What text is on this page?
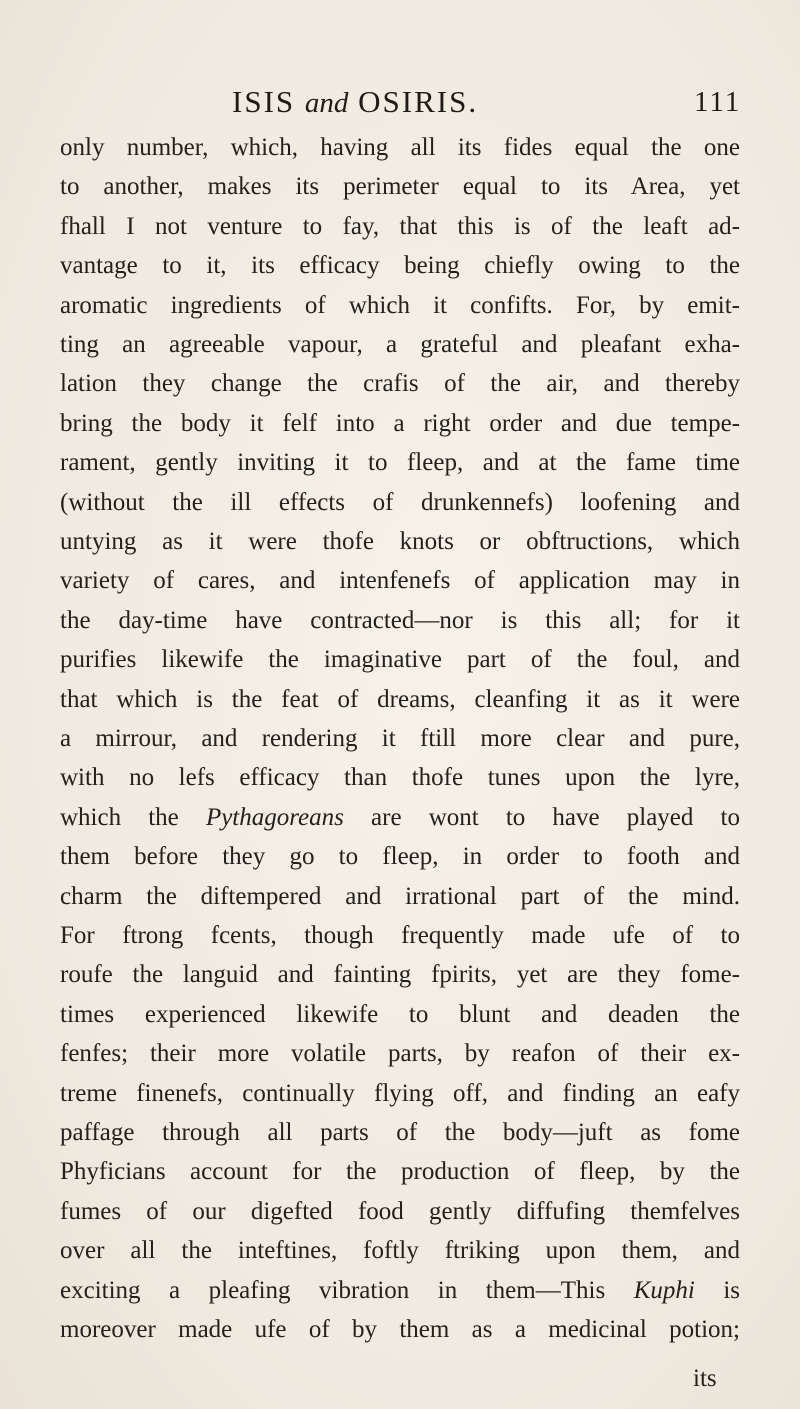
ISIS and OSIRIS.	111
only number, which, having all its fides equal the one
to another, makes its perimeter equal to its Area, yet
fhall I not venture to fay, that this is of the leaft ad-
vantage to it, its efficacy being chiefly owing to the
aromatic ingredients of which it confifts. For, by emit-
ting an agreeable vapour, a grateful and pleafant exha-
lation they change the crafis of the air, and thereby
bring the body it felf into a right order and due tempe-
rament, gently inviting it to fleep, and at the fame time
(without the ill effects of drunkennefs) loofening and
untying as it were thofe knots or obftructions, which
variety of cares, and intenfenefs of application may in
the day-time have contracted—nor is this all; for it
purifies likewife the imaginative part of the foul, and
that which is the feat of dreams, cleanfing it as it were
a mirrour, and rendering it ftill more clear and pure,
with no lefs efficacy than thofe tunes upon the lyre,
which the Pythagoreans are wont to have played to
them before they go to fleep, in order to footh and
charm the diftempered and irrational part of the mind.
For ftrong fcents, though frequently made ufe of to
roufe the languid and fainting fpirits, yet are they fome-
times experienced likewife to blunt and deaden the
fenfes; their more volatile parts, by reafon of their ex-
treme finenefs, continually flying off, and finding an eafy
paffage through all parts of the body—juft as fome
Phyficians account for the production of fleep, by the
fumes of our digefted food gently diffufing themfelves
over all the inteftines, foftly ftriking upon them, and
exciting a pleafing vibration in them—This Kuphi is
moreover made ufe of by them as a medicinal potion;
its
